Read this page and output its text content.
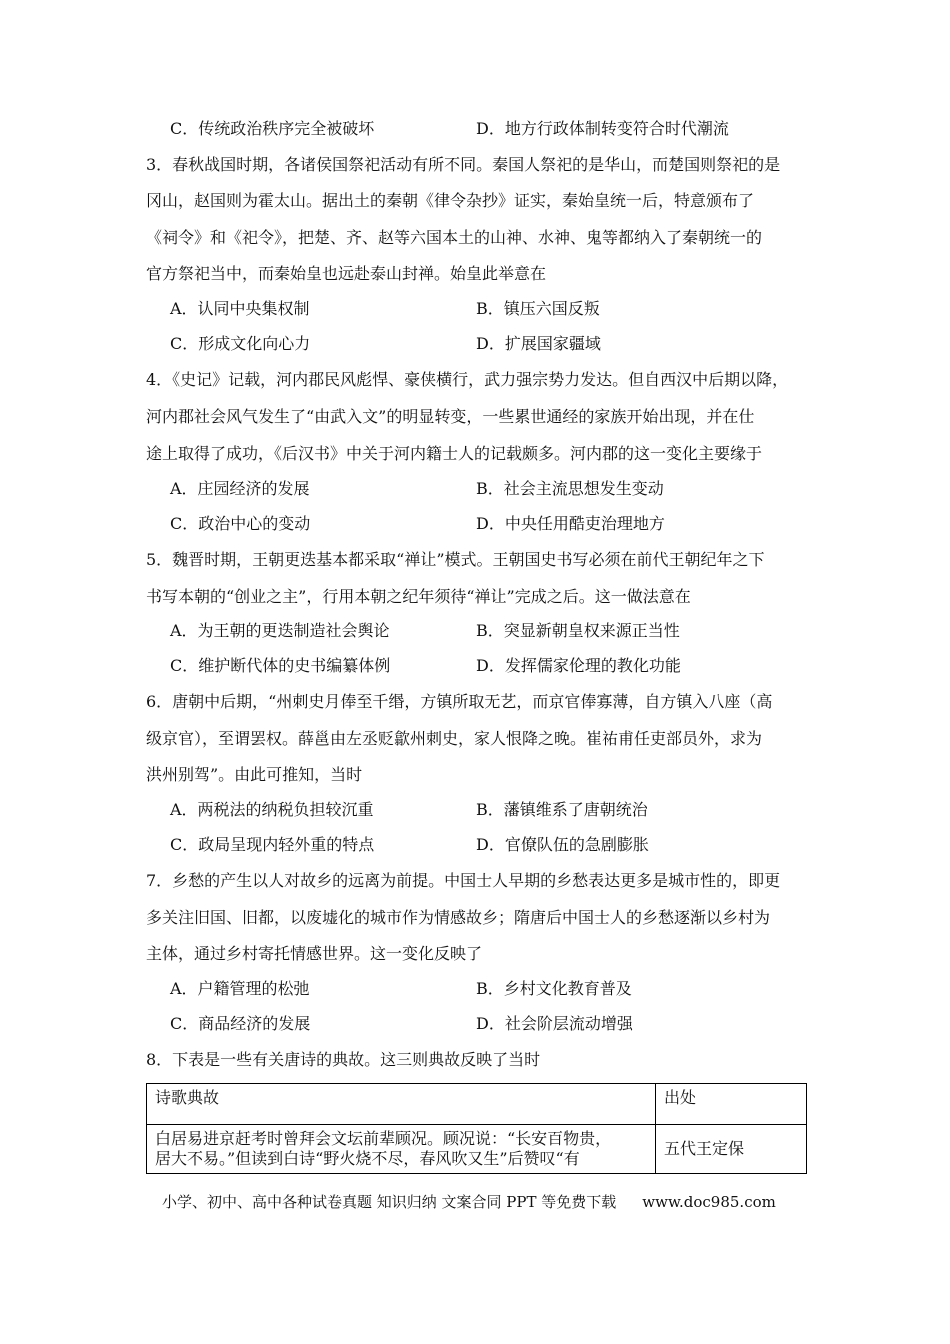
C．传统政治秩序完全被破坏	D．地方行政体制转变符合时代潮流
3．春秋战国时期，各诸侯国祭祀活动有所不同。秦国人祭祀的是华山，而楚国则祭祀的是
冈山，赵国则为霍太山。据出土的秦朝《律令杂抄》证实，秦始皇统一后，特意颁布了
《祠令》和《祀令》，把楚、齐、赵等六国本土的山神、水神、鬼等都纳入了秦朝统一的
官方祭祀当中，而秦始皇也远赴泰山封禅。始皇此举意在
A．认同中央集权制	B．镇压六国反叛
C．形成文化向心力	D．扩展国家疆域
4．《史记》记载，河内郡民风彪悍、豪侠横行，武力强宗势力发达。但自西汉中后期以降，
河内郡社会风气发生了“由武入文”的明显转变，一些累世通经的家族开始出现，并在仕
途上取得了成功，《后汉书》中关于河内籍士人的记载颇多。河内郡的这一变化主要缘于
A．庄园经济的发展	B．社会主流思想发生变动
C．政治中心的变动	D．中央任用酷吏治理地方
5．魏晋时期，王朝更迭基本都采取“禅让”模式。王朝国史书写必须在前代王朝纪年之下
书写本朝的“创业之主”，行用本朝之纪年须待“禅让”完成之后。这一做法意在
A．为王朝的更迭制造社会舆论	B．突显新朝皇权来源正当性
C．维护断代体的史书编纂体例	D．发挥儒家伦理的教化功能
6．唐朝中后期，“州刺史月俸至千缗，方镇所取无艺，而京官俸寡薄，自方镇入八座（高
级京官），至谓罢权。薛邕由左丞贬歙州刺史，家人恨降之晚。崔祐甫任吏部员外，求为
洪州别驾”。由此可推知，当时
A．两税法的纳税负担较沉重	B．藩镇维系了唐朝统治
C．政局呈现内轻外重的特点	D．官僚队伍的急剧膨胀
7．乡愁的产生以人对故乡的远离为前提。中国士人早期的乡愁表达更多是城市性的，即更
多关注旧国、旧都，以废墟化的城市作为情感故乡；隋唐后中国士人的乡愁逐渐以乡村为
主体，通过乡村寄托情感世界。这一变化反映了
A．户籍管理的松弛	B．乡村文化教育普及
C．商品经济的发展	D．社会阶层流动增强
8．下表是一些有关唐诗的典故。这三则典故反映了当时
诗歌典故	出处

白居易进京赶考时曾拜会文坛前辈顾况。顾况说：“长安百物贵，
居大不易。”但读到白诗“野火烧不尽，春风吹又生”后赞叹“有	五代王定保
小学、初中、高中各种试卷真题 知识归纳 文案合同 PPT 等免费下载 www.doc985.com
